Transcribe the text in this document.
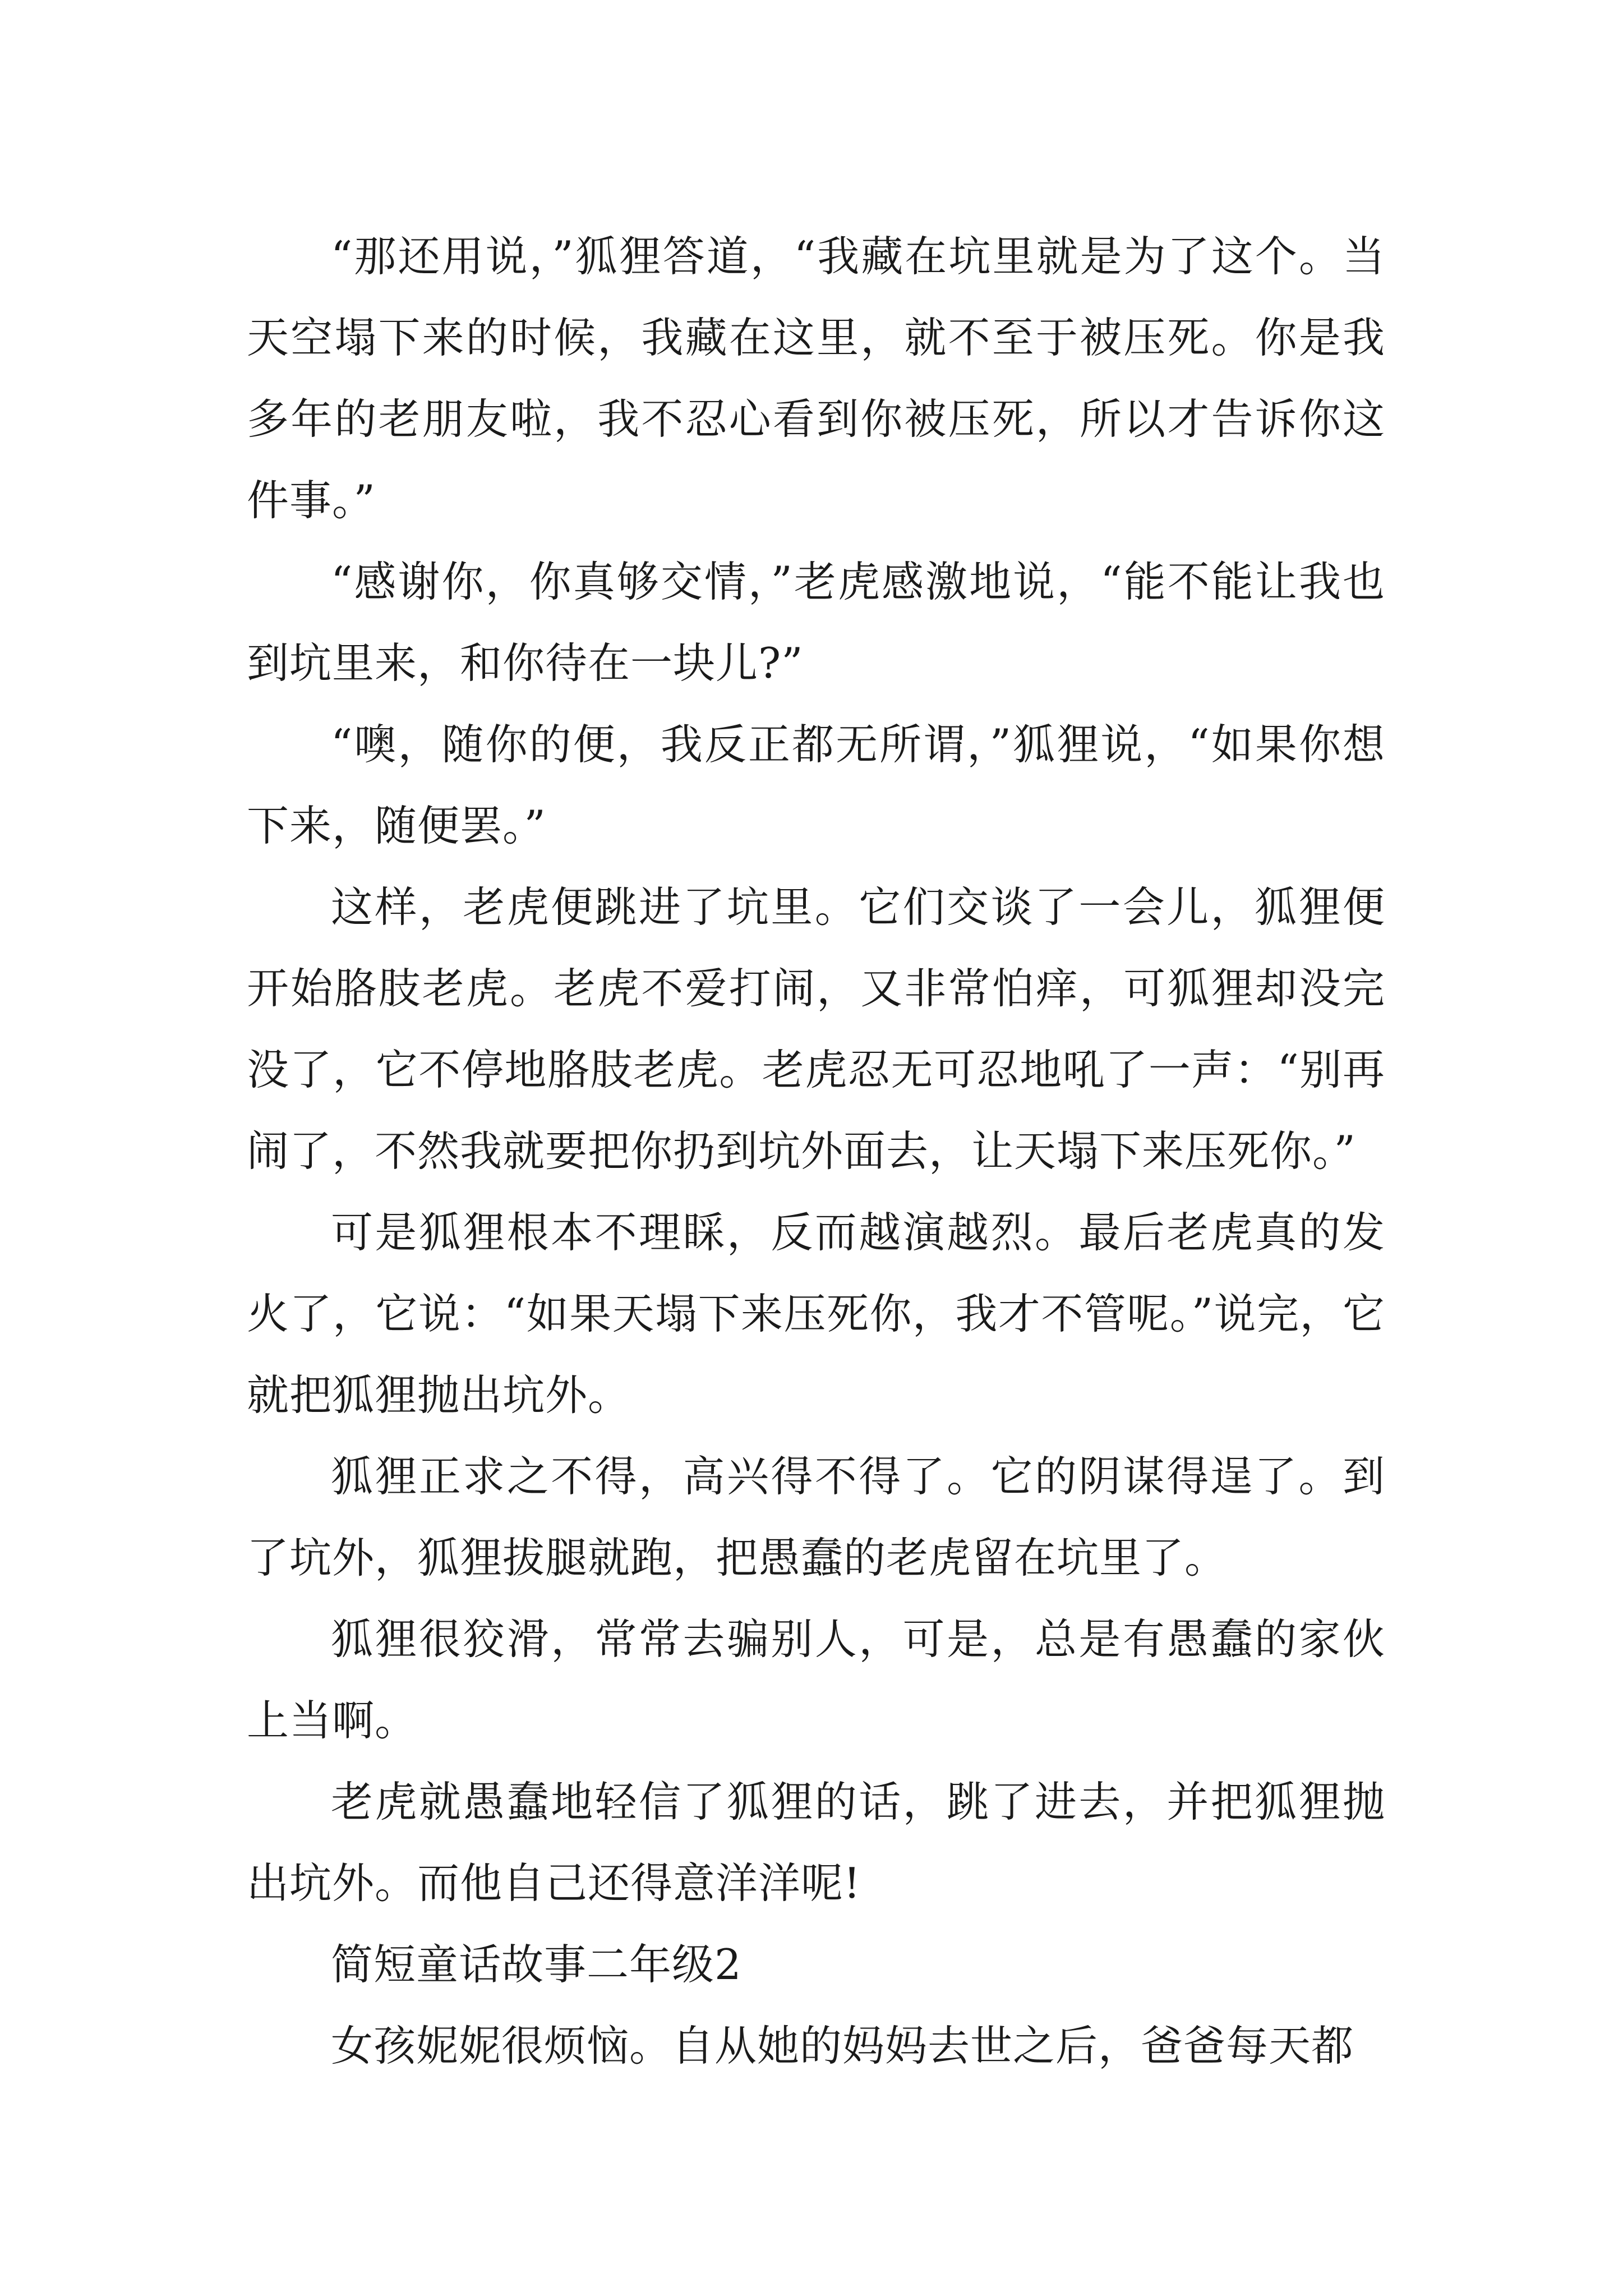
“那还用说，”狐狸答道，“我藏在坑里就是为了这个。当天空塌下来的时候，我藏在这里，就不至于被压死。你是我多年的老朋友啦，我不忍心看到你被压死，所以才告诉你这件事。”

“感谢你，你真够交情，”老虎感激地说，“能不能让我也到坑里来，和你待在一块儿?”

“噢，随你的便，我反正都无所谓，”狐狸说，“如果你想下来，随便罢。”

这样，老虎便跳进了坑里。它们交谈了一会儿，狐狸便开始胳肢老虎。老虎不爱打闹，又非常怕痒，可狐狸却没完没了，它不停地胳肢老虎。老虎忍无可忍地吼了一声：“别再闹了，不然我就要把你扔到坑外面去，让天塌下来压死你。”

可是狐狸根本不理睬，反而越演越烈。最后老虎真的发火了，它说：“如果天塌下来压死你，我才不管呢。”说完，它就把狐狸抛出坑外。

狐狸正求之不得，高兴得不得了。它的阴谋得逞了。到了坑外，狐狸拔腿就跑，把愚蠢的老虎留在坑里了。

狐狸很狡滑，常常去骗别人，可是，总是有愚蠢的家伙上当啊。

老虎就愚蠢地轻信了狐狸的话，跳了进去，并把狐狸抛出坑外。而他自己还得意洋洋呢!

简短童话故事二年级2

女孩妮妮很烦恼。自从她的妈妈去世之后，爸爸每天都
